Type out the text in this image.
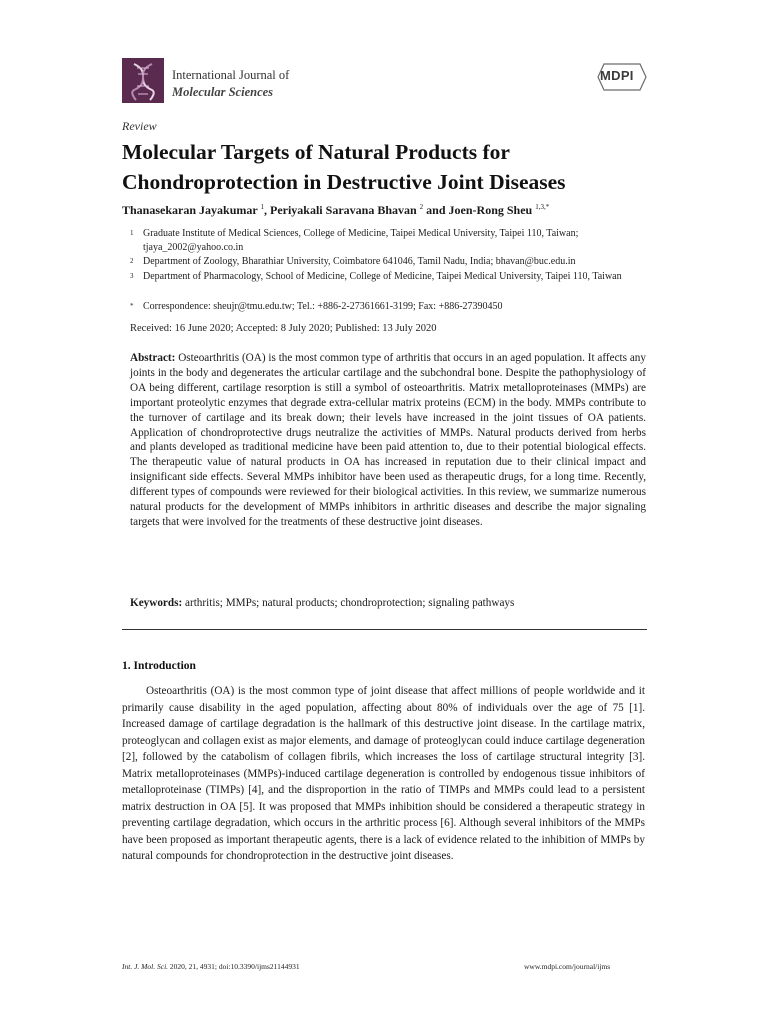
International Journal of
Molecular Sciences
MDPI
Review
Molecular Targets of Natural Products for
Chondroprotection in Destructive Joint Diseases
Thanasekaran Jayakumar $^1$, Periyakali Saravana Bhavan $^2$ and Joen-Rong Sheu $^{1,3,*}$
1 Graduate Institute of Medical Sciences, College of Medicine, Taipei Medical University, Taipei 110, Taiwan; tjaya_2002@yahoo.co.in
2 Department of Zoology, Bharathiar University, Coimbatore 641046, Tamil Nadu, India; bhavan@buc.edu.in
3 Department of Pharmacology, School of Medicine, College of Medicine, Taipei Medical University, Taipei 110, Taiwan
* Correspondence: sheujr@tmu.edu.tw; Tel.: +886-2-27361661-3199; Fax: +886-27390450
Received: 16 June 2020; Accepted: 8 July 2020; Published: 13 July 2020
Abstract: Osteoarthritis (OA) is the most common type of arthritis that occurs in an aged population. It affects any joints in the body and degenerates the articular cartilage and the subchondral bone. Despite the pathophysiology of OA being different, cartilage resorption is still a symbol of osteoarthritis. Matrix metalloproteinases (MMPs) are important proteolytic enzymes that degrade extra-cellular matrix proteins (ECM) in the body. MMPs contribute to the turnover of cartilage and its break down; their levels have increased in the joint tissues of OA patients. Application of chondroprotective drugs neutralize the activities of MMPs. Natural products derived from herbs and plants developed as traditional medicine have been paid attention to, due to their potential biological effects. The therapeutic value of natural products in OA has increased in reputation due to their clinical impact and insignificant side effects. Several MMPs inhibitor have been used as therapeutic drugs, for a long time. Recently, different types of compounds were reviewed for their biological activities. In this review, we summarize numerous natural products for the development of MMPs inhibitors in arthritic diseases and describe the major signaling targets that were involved for the treatments of these destructive joint diseases.
Keywords: arthritis; MMPs; natural products; chondroprotection; signaling pathways
1. Introduction
Osteoarthritis (OA) is the most common type of joint disease that affect millions of people worldwide and it primarily cause disability in the aged population, affecting about 80% of individuals over the age of 75 [1]. Increased damage of cartilage degradation is the hallmark of this destructive joint disease. In the cartilage matrix, proteoglycan and collagen exist as major elements, and damage of proteoglycan could induce cartilage degeneration [2], followed by the catabolism of collagen fibrils, which increases the loss of cartilage structural integrity [3]. Matrix metalloproteinases (MMPs)-induced cartilage degeneration is controlled by endogenous tissue inhibitors of metalloproteinase (TIMPs) [4], and the disproportion in the ratio of TIMPs and MMPs could lead to a persistent matrix destruction in OA [5]. It was proposed that MMPs inhibition should be considered a therapeutic strategy in preventing cartilage degradation, which occurs in the arthritic process [6]. Although several inhibitors of the MMPs have been proposed as important therapeutic agents, there is a lack of evidence related to the inhibition of MMPs by natural compounds for chondroprotection in the destructive joint diseases.
Int. J. Mol. Sci. 2020, 21, 4931; doi:10.3390/ijms21144931	www.mdpi.com/journal/ijms
